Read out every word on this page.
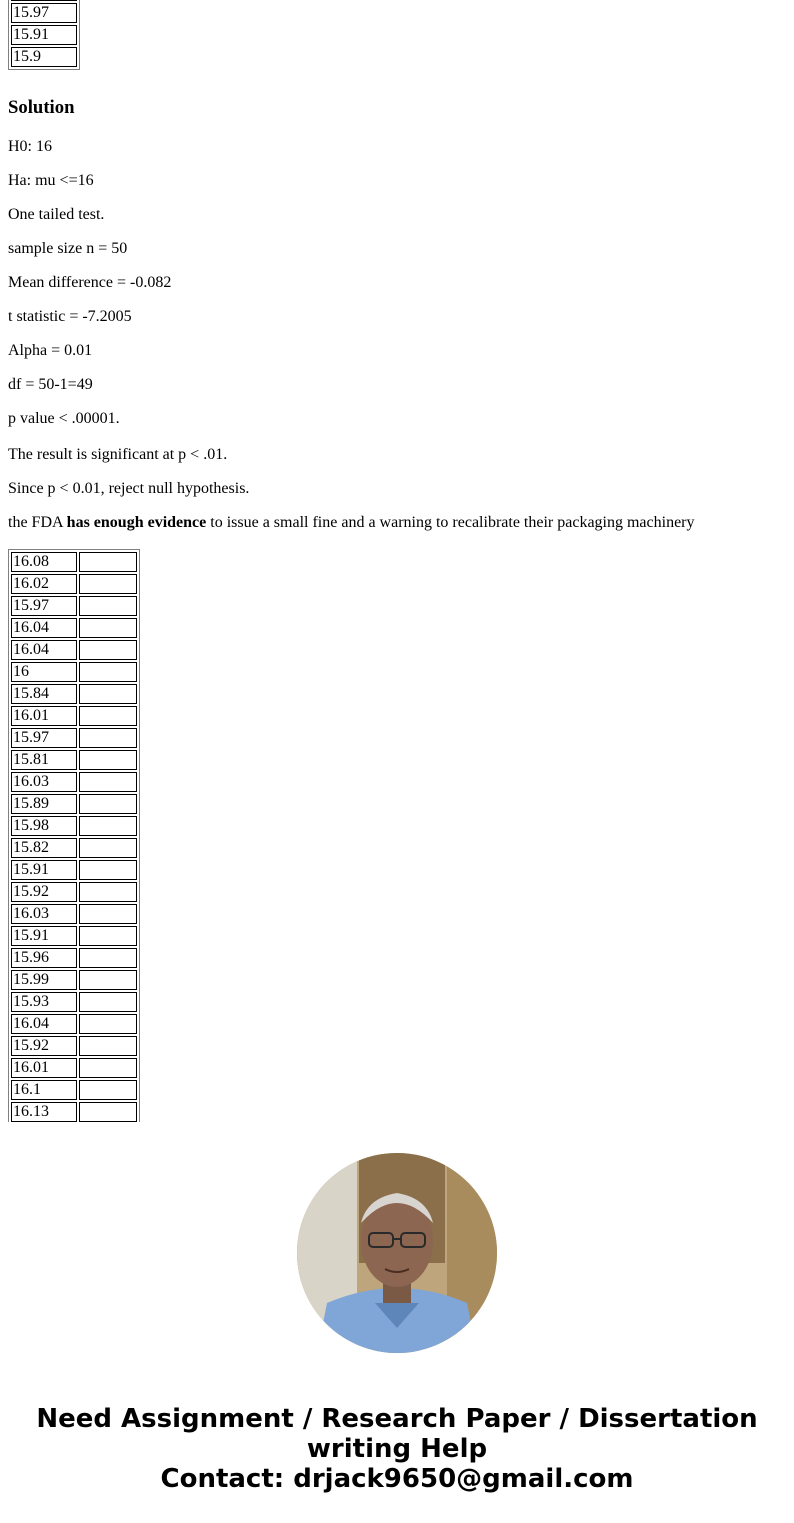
15.97
15.91
15.9
Solution

H0: 16

Ha: mu <=16

One tailed test.

sample size n = 50

Mean difference = -0.082

t statistic = -7.2005

Alpha = 0.01

df = 50-1=49

p value < .00001.

The result is significant at p < .01.

Since p < 0.01, reject null hypothesis.

the FDA has enough evidence to issue a small fine and a warning to recalibrate their packaging machinery

16.08	
16.02	
15.97	
16.04	
16.04	
16	
15.84	
16.01	
15.97	
15.81	
16.03	
15.89	
15.98	
15.82	
15.91	
15.92	
16.03	
15.91	
15.96	
15.99	
15.93	
16.04	
15.92	
16.01	
16.1	
16.13	
Need Assignment / Research Paper / Dissertation
writing Help
Contact: drjack9650@gmail.com
